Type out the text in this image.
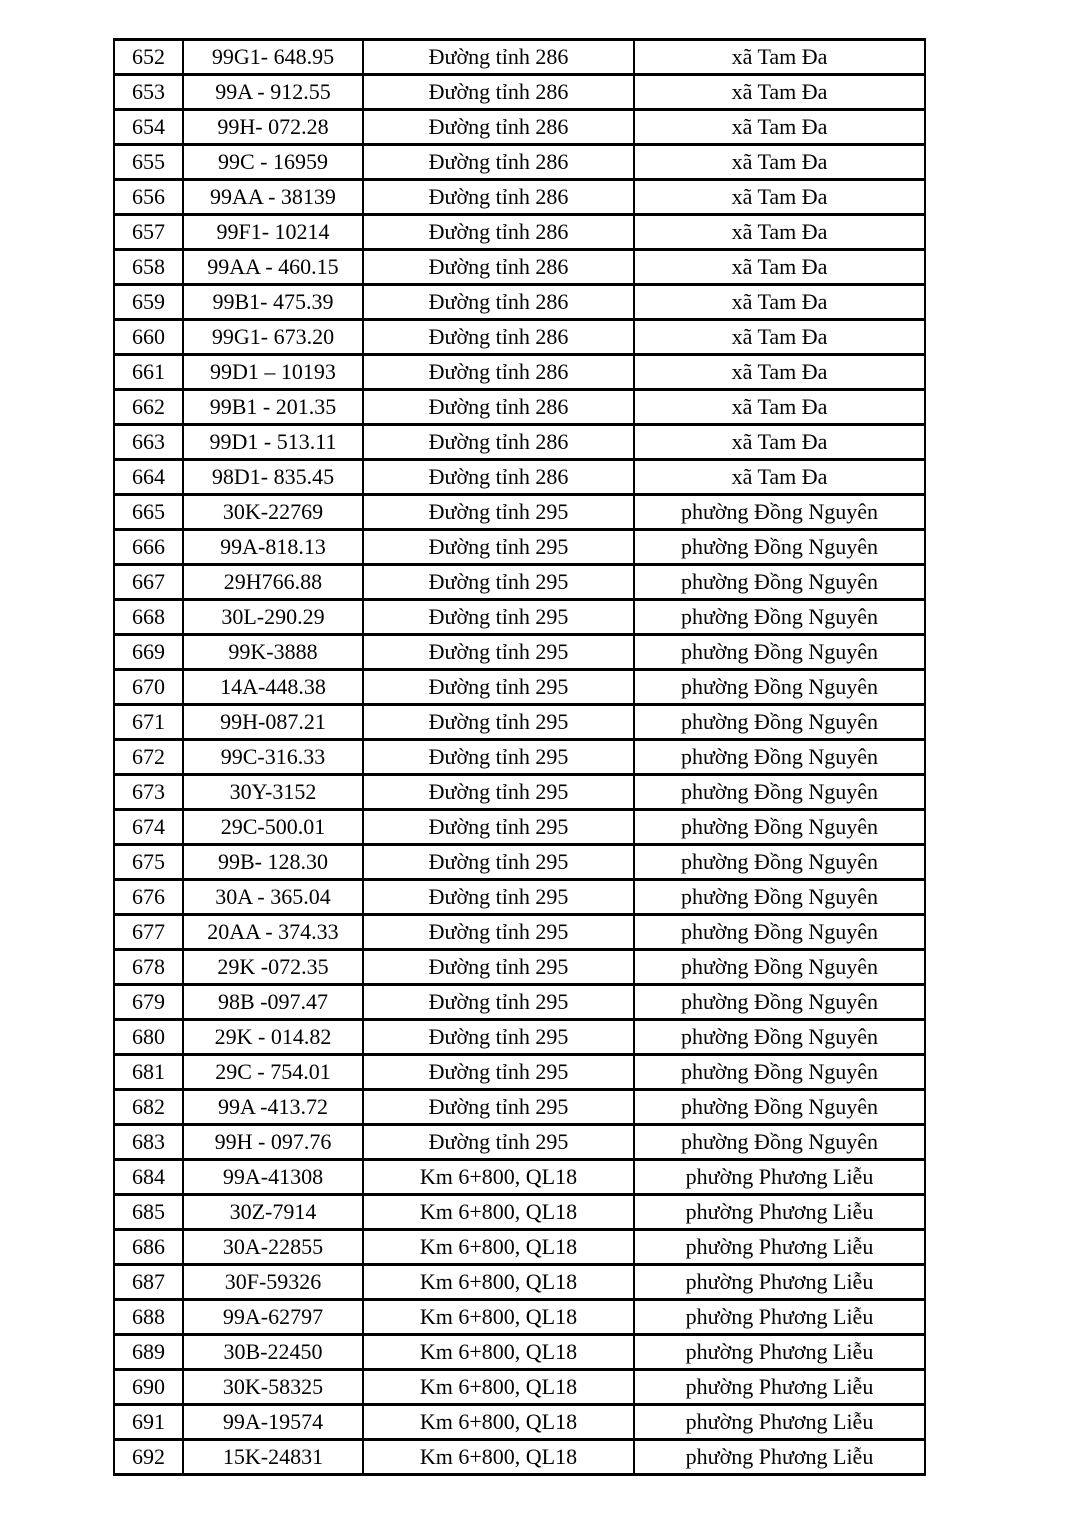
652	99G1- 648.95	Đường tỉnh 286	xã Tam Đa
653	99A - 912.55	Đường tỉnh 286	xã Tam Đa
654	99H- 072.28	Đường tỉnh 286	xã Tam Đa
655	99C - 16959	Đường tỉnh 286	xã Tam Đa
656	99AA - 38139	Đường tỉnh 286	xã Tam Đa
657	99F1- 10214	Đường tỉnh 286	xã Tam Đa
658	99AA - 460.15	Đường tỉnh 286	xã Tam Đa
659	99B1- 475.39	Đường tỉnh 286	xã Tam Đa
660	99G1- 673.20	Đường tỉnh 286	xã Tam Đa
661	99D1 – 10193	Đường tỉnh 286	xã Tam Đa
662	99B1 - 201.35	Đường tỉnh 286	xã Tam Đa
663	99D1 - 513.11	Đường tỉnh 286	xã Tam Đa
664	98D1- 835.45	Đường tỉnh 286	xã Tam Đa
665	30K-22769	Đường tỉnh 295	phường Đồng Nguyên
666	99A-818.13	Đường tỉnh 295	phường Đồng Nguyên
667	29H766.88	Đường tỉnh 295	phường Đồng Nguyên
668	30L-290.29	Đường tỉnh 295	phường Đồng Nguyên
669	99K-3888	Đường tỉnh 295	phường Đồng Nguyên
670	14A-448.38	Đường tỉnh 295	phường Đồng Nguyên
671	99H-087.21	Đường tỉnh 295	phường Đồng Nguyên
672	99C-316.33	Đường tỉnh 295	phường Đồng Nguyên
673	30Y-3152	Đường tỉnh 295	phường Đồng Nguyên
674	29C-500.01	Đường tỉnh 295	phường Đồng Nguyên
675	99B- 128.30	Đường tỉnh 295	phường Đồng Nguyên
676	30A - 365.04	Đường tỉnh 295	phường Đồng Nguyên
677	20AA - 374.33	Đường tỉnh 295	phường Đồng Nguyên
678	29K -072.35	Đường tỉnh 295	phường Đồng Nguyên
679	98B -097.47	Đường tỉnh 295	phường Đồng Nguyên
680	29K - 014.82	Đường tỉnh 295	phường Đồng Nguyên
681	29C - 754.01	Đường tỉnh 295	phường Đồng Nguyên
682	99A -413.72	Đường tỉnh 295	phường Đồng Nguyên
683	99H - 097.76	Đường tỉnh 295	phường Đồng Nguyên
684	99A-41308	Km 6+800, QL18	phường Phương Liễu
685	30Z-7914	Km 6+800, QL18	phường Phương Liễu
686	30A-22855	Km 6+800, QL18	phường Phương Liễu
687	30F-59326	Km 6+800, QL18	phường Phương Liễu
688	99A-62797	Km 6+800, QL18	phường Phương Liễu
689	30B-22450	Km 6+800, QL18	phường Phương Liễu
690	30K-58325	Km 6+800, QL18	phường Phương Liễu
691	99A-19574	Km 6+800, QL18	phường Phương Liễu
692	15K-24831	Km 6+800, QL18	phường Phương Liễu
